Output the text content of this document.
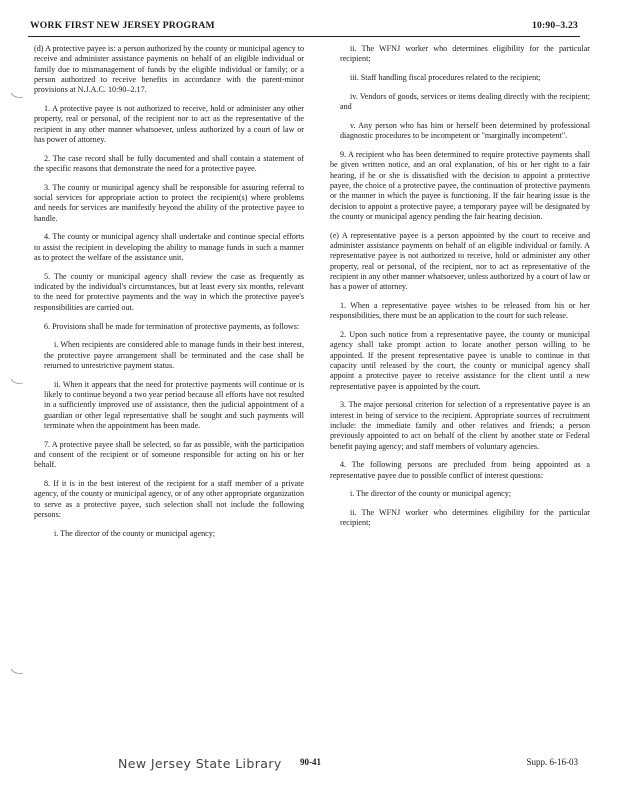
WORK FIRST NEW JERSEY PROGRAM	10:90–3.23

(d) A protective payee is: a person authorized by the county or municipal agency to receive and administer assistance payments on behalf of an eligible individual or family due to mismanagement of funds by the eligible individual or family; or a person authorized to receive benefits in accordance with the parent-minor provisions at N.J.A.C. 10:90–2.17.

1. A protective payee is not authorized to receive, hold or administer any other property, real or personal, of the recipient nor to act as the representative of the recipient in any other manner whatsoever, unless authorized by a court of law or has power of attorney.

2. The case record shall be fully documented and shall contain a statement of the specific reasons that demonstrate the need for a protective payee.

3. The county or municipal agency shall be responsible for assuring referral to social services for appropriate action to protect the recipient(s) where problems and needs for services are manifestly beyond the ability of the protective payee to handle.

4. The county or municipal agency shall undertake and continue special efforts to assist the recipient in developing the ability to manage funds in such a manner as to protect the welfare of the assistance unit.

5. The county or municipal agency shall review the case as frequently as indicated by the individual's circumstances, but at least every six months, relevant to the need for protective payments and the way in which the protective payee's responsibilities are carried out.

6. Provisions shall be made for termination of protective payments, as follows:

i. When recipients are considered able to manage funds in their best interest, the protective payee arrangement shall be terminated and the case shall be returned to unrestrictive payment status.

ii. When it appears that the need for protective payments will continue or is likely to continue beyond a two year period because all efforts have not resulted in a sufficiently improved use of assistance, then the judicial appointment of a guardian or other legal representative shall be sought and such payments will terminate when the appointment has been made.

7. A protective payee shall be selected, so far as possible, with the participation and consent of the recipient or of someone responsible for acting on his or her behalf.

8. If it is in the best interest of the recipient for a staff member of a private agency, of the county or municipal agency, or of any other appropriate organization to serve as a protective payee, such selection shall not include the following persons:

i. The director of the county or municipal agency;

ii. The WFNJ worker who determines eligibility for the particular recipient;

iii. Staff handling fiscal procedures related to the recipient;

iv. Vendors of goods, services or items dealing directly with the recipient; and

v. Any person who has him or herself been determined by professional diagnostic procedures to be incompetent or "marginally incompetent".

9. A recipient who has been determined to require protective payments shall be given written notice, and an oral explanation, of his or her right to a fair hearing, if he or she is dissatisfied with the decision to appoint a protective payee, the choice of a protective payee, the continuation of protective payments or the manner in which the payee is functioning. If the fair hearing issue is the decision to appoint a protective payee, a temporary payee will be designated by the county or municipal agency pending the fair hearing decision.

(e) A representative payee is a person appointed by the court to receive and administer assistance payments on behalf of an eligible individual or family. A representative payee is not authorized to receive, hold or administer any other property, real or personal, of the recipient, nor to act as representative of the recipient in any other manner whatsoever, unless authorized by a court of law or has a power of attorney.

1. When a representative payee wishes to be released from his or her responsibilities, there must be an application to the court for such release.

2. Upon such notice from a representative payee, the county or municipal agency shall take prompt action to locate another person willing to be appointed. If the present representative payee is unable to continue in that capacity until released by the court, the county or municipal agency shall appoint a protective payee to receive assistance for the client until a new representative payee is appointed by the court.

3. The major personal criterion for selection of a representative payee is an interest in being of service to the recipient. Appropriate sources of recruitment include: the immediate family and other relatives and friends; a person previously appointed to act on behalf of the client by another state or Federal benefit paying agency; and staff members of voluntary agencies.

4. The following persons are precluded from being appointed as a representative payee due to possible conflict of interest questions:

i. The director of the county or municipal agency;

ii. The WFNJ worker who determines eligibility for the particular recipient;

New Jersey State Library 90-41	Supp. 6-16-03
